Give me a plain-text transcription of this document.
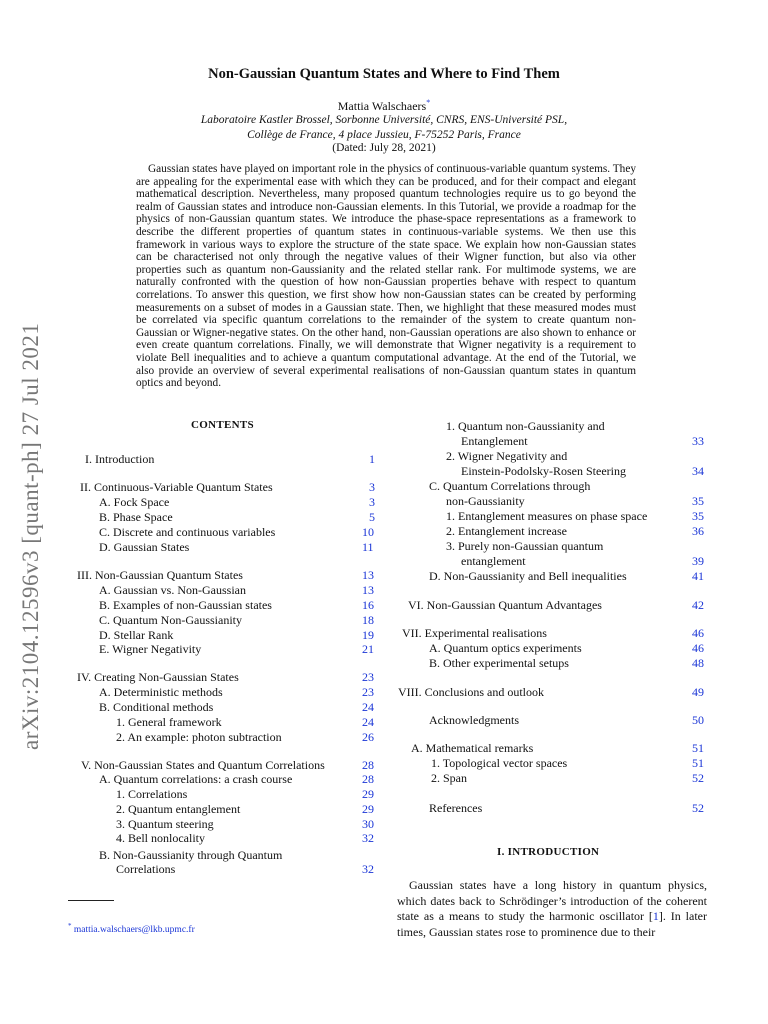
arXiv:2104.12596v3 [quant-ph] 27 Jul 2021
Non-Gaussian Quantum States and Where to Find Them
Mattia Walschaers*
Laboratoire Kastler Brossel, Sorbonne Université, CNRS, ENS-Université PSL,
Collège de France, 4 place Jussieu, F-75252 Paris, France
(Dated: July 28, 2021)
Gaussian states have played on important role in the physics of continuous-variable quantum systems. They are appealing for the experimental ease with which they can be produced, and for their compact and elegant mathematical description. Nevertheless, many proposed quantum technologies require us to go beyond the realm of Gaussian states and introduce non-Gaussian elements. In this Tutorial, we provide a roadmap for the physics of non-Gaussian quantum states. We introduce the phase-space representations as a framework to describe the different properties of quantum states in continuous-variable systems. We then use this framework in various ways to explore the structure of the state space. We explain how non-Gaussian states can be characterised not only through the negative values of their Wigner function, but also via other properties such as quantum non-Gaussianity and the related stellar rank. For multimode systems, we are naturally confronted with the question of how non-Gaussian properties behave with respect to quantum correlations. To answer this question, we first show how non-Gaussian states can be created by performing measurements on a subset of modes in a Gaussian state. Then, we highlight that these measured modes must be correlated via specific quantum correlations to the remainder of the system to create quantum non-Gaussian or Wigner-negative states. On the other hand, non-Gaussian operations are also shown to enhance or even create quantum correlations. Finally, we will demonstrate that Wigner negativity is a requirement to violate Bell inequalities and to achieve a quantum computational advantage. At the end of the Tutorial, we also provide an overview of several experimental realisations of non-Gaussian quantum states in quantum optics and beyond.
CONTENTS
I. Introduction	1
II. Continuous-Variable Quantum States	3
A. Fock Space	3
B. Phase Space	5
C. Discrete and continuous variables	10
D. Gaussian States	11
III. Non-Gaussian Quantum States	13
A. Gaussian vs. Non-Gaussian	13
B. Examples of non-Gaussian states	16
C. Quantum Non-Gaussianity	18
D. Stellar Rank	19
E. Wigner Negativity	21
IV. Creating Non-Gaussian States	23
A. Deterministic methods	23
B. Conditional methods	24
1. General framework	24
2. An example: photon subtraction	26
V. Non-Gaussian States and Quantum Correlations	28
A. Quantum correlations: a crash course	28
1. Correlations	29
2. Quantum entanglement	29
3. Quantum steering	30
4. Bell nonlocality	32
B. Non-Gaussianity through Quantum
Correlations	32
1. Quantum non-Gaussianity and
Entanglement	33
2. Wigner Negativity and
Einstein-Podolsky-Rosen Steering	34
C. Quantum Correlations through
non-Gaussianity	35
1. Entanglement measures on phase space	35
2. Entanglement increase	36
3. Purely non-Gaussian quantum
entanglement	39
D. Non-Gaussianity and Bell inequalities	41
VI. Non-Gaussian Quantum Advantages	42
VII. Experimental realisations	46
A. Quantum optics experiments	46
B. Other experimental setups	48
VIII. Conclusions and outlook	49
Acknowledgments	50
A. Mathematical remarks	51
1. Topological vector spaces	51
2. Span	52
References	52
I. INTRODUCTION
Gaussian states have a long history in quantum physics, which dates back to Schrödinger’s introduction of the coherent state as a means to study the harmonic oscillator [1]. In later times, Gaussian states rose to prominence due to their
* mattia.walschaers@lkb.upmc.fr
